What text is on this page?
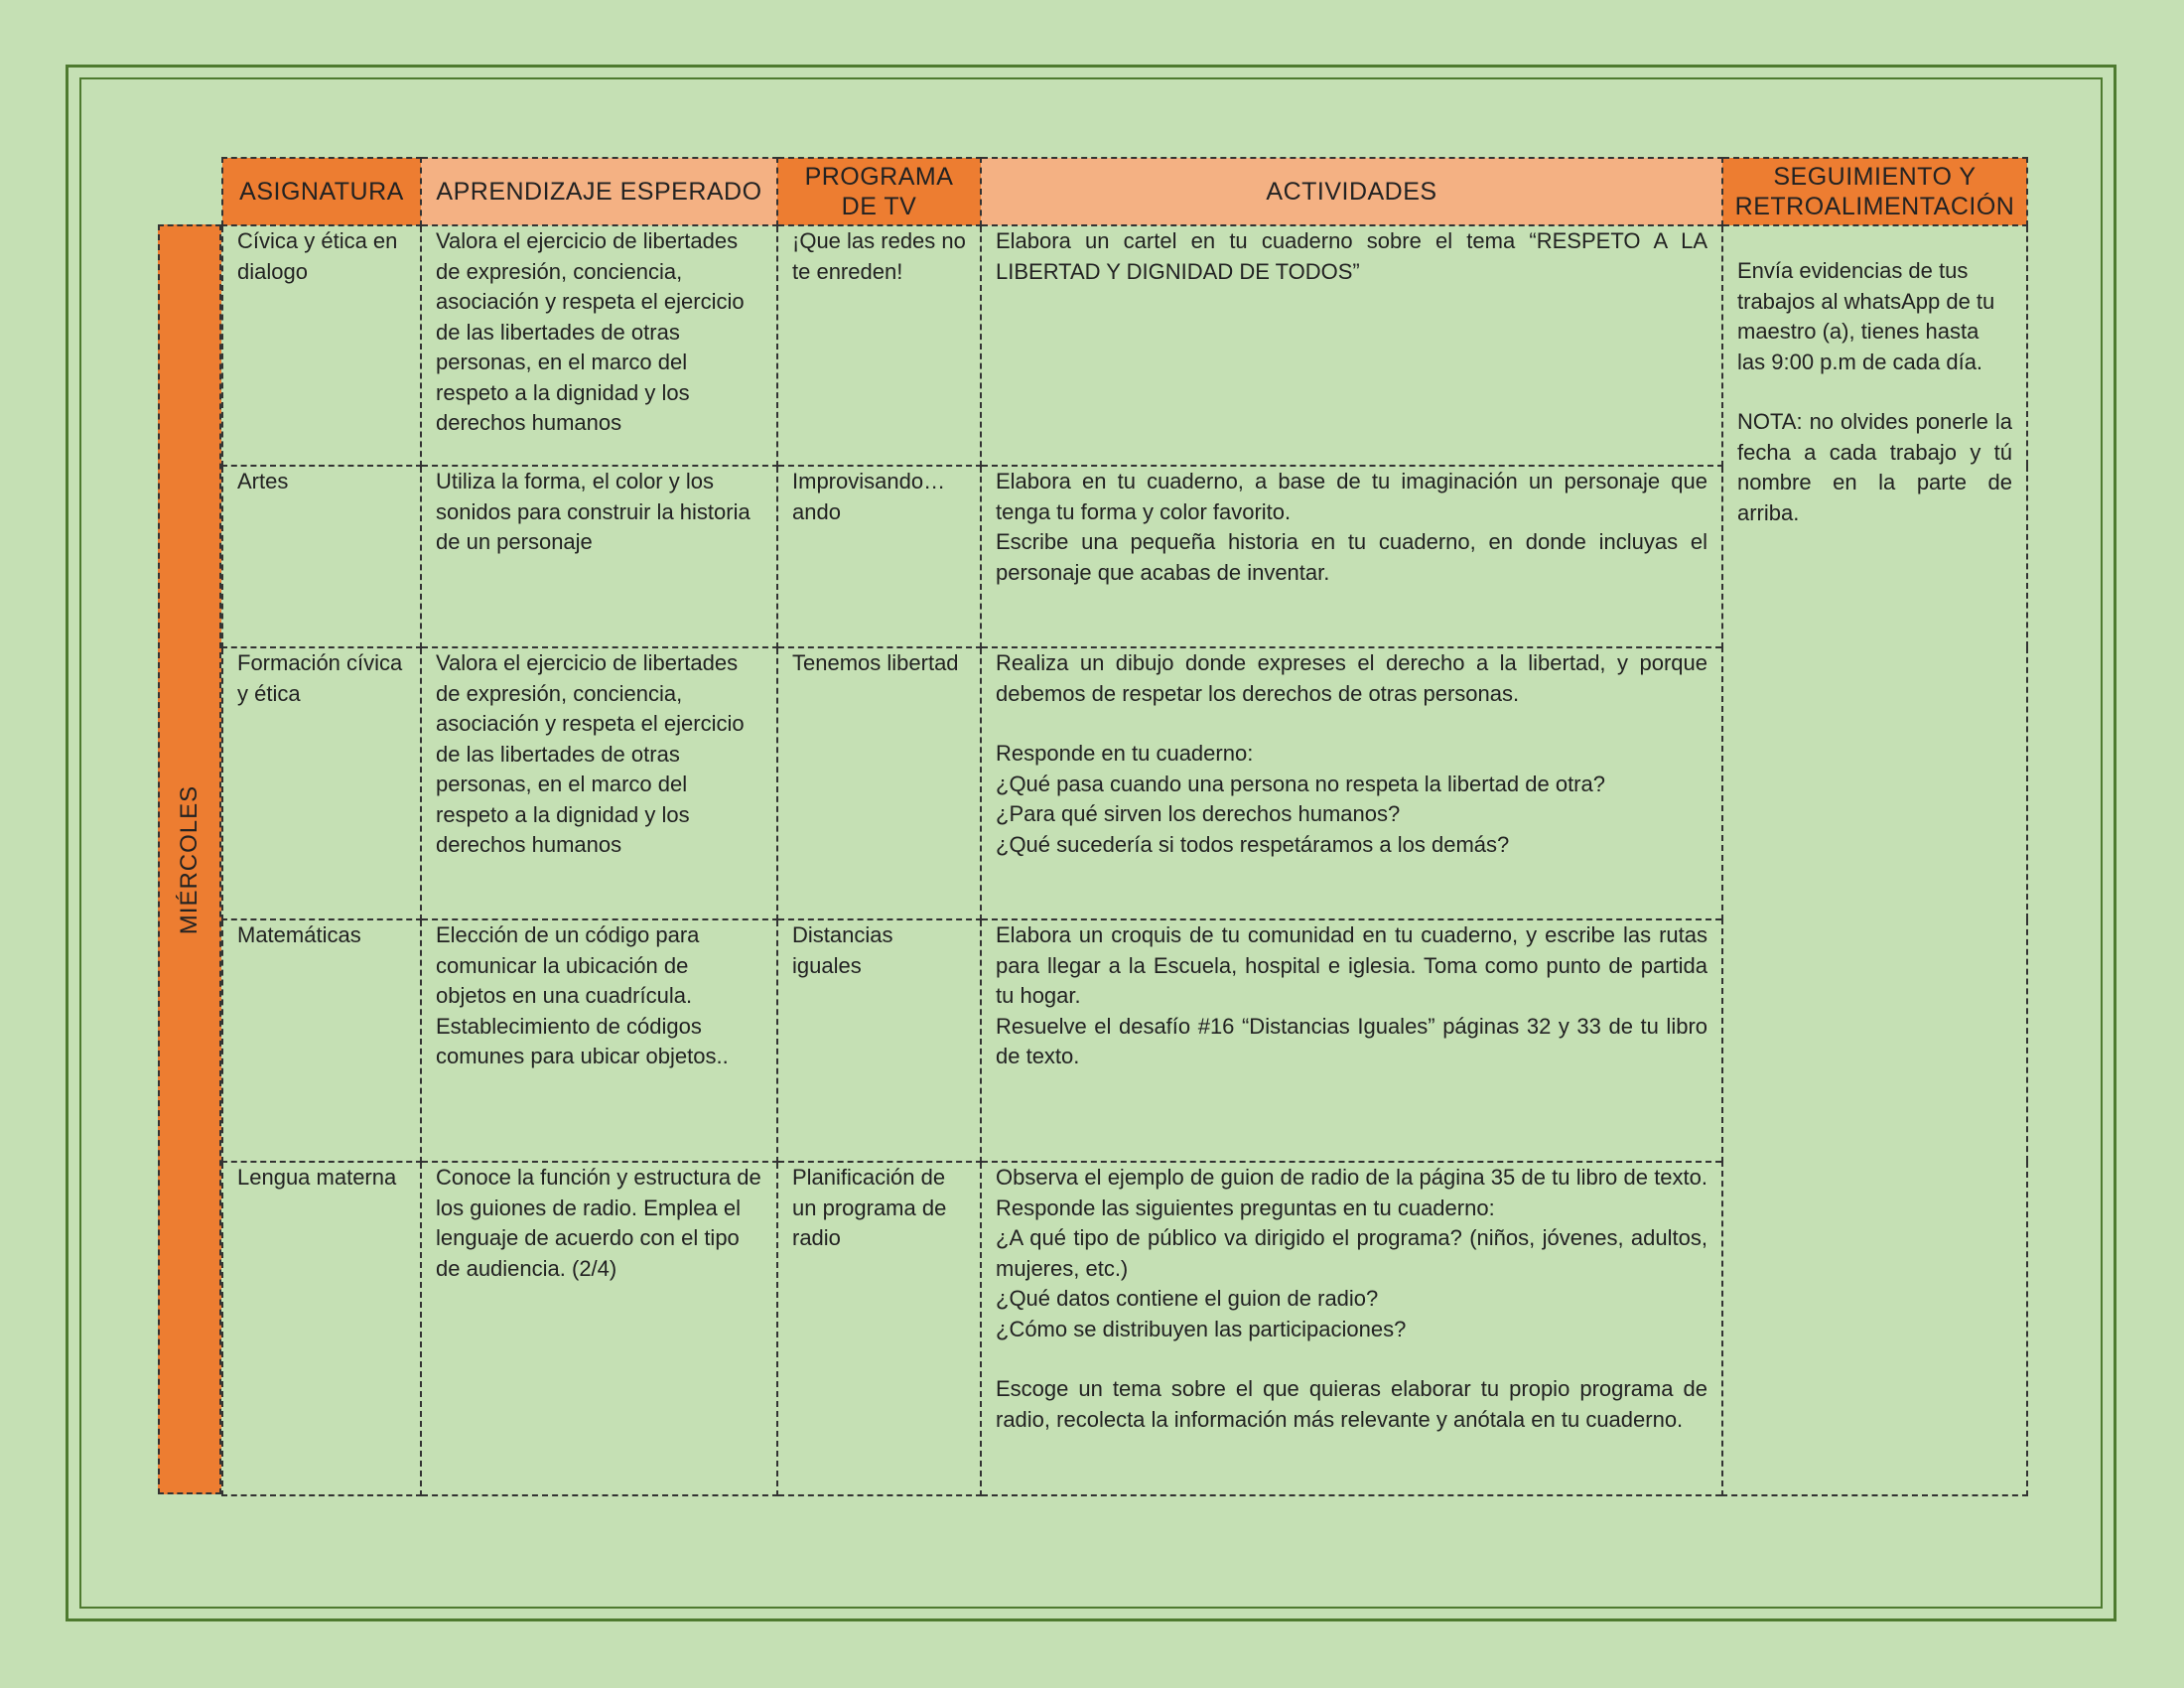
MIÉRCOLES
ASIGNATURA	APRENDIZAJE ESPERADO	PROGRAMA DE TV	ACTIVIDADES	SEGUIMIENTO Y RETROALIMENTACIÓN
Cívica y ética en dialogo	Valora el ejercicio de libertades de expresión, conciencia, asociación y respeta el ejercicio de las libertades de otras personas, en el marco del respeto a la dignidad y los derechos humanos	¡Que las redes no te enreden!	Elabora un cartel en tu cuaderno sobre el tema “RESPETO A LA LIBERTAD Y DIGNIDAD DE TODOS”	Envía evidencias de tus trabajos al whatsApp de tu maestro (a), tienes hasta las 9:00 p.m de cada día.
NOTA: no olvides ponerle la fecha a cada trabajo y tú nombre en la parte de arriba.

Artes	Utiliza la forma, el color y los sonidos para construir la historia de un personaje	Improvisando… ando	Elabora en tu cuaderno, a base de tu imaginación un personaje que tenga tu forma y color favorito.
Escribe una pequeña historia en tu cuaderno, en donde incluyas el personaje que acabas de inventar.	

Formación cívica y ética	Valora el ejercicio de libertades de expresión, conciencia, asociación y respeta el ejercicio de las libertades de otras personas, en el marco del respeto a la dignidad y los derechos humanos	Tenemos libertad	Realiza un dibujo donde expreses el derecho a la libertad, y porque debemos de respetar los derechos de otras personas.
Responde en tu cuaderno:
¿Qué pasa cuando una persona no respeta la libertad de otra?
¿Para qué sirven los derechos humanos?
¿Qué sucedería si todos respetáramos a los demás?	

Matemáticas	Elección de un código para comunicar la ubicación de objetos en una cuadrícula. Establecimiento de códigos comunes para ubicar objetos..	Distancias iguales	Elabora un croquis de tu comunidad en tu cuaderno, y escribe las rutas para llegar a la Escuela, hospital e iglesia. Toma como punto de partida tu hogar.
Resuelve el desafío #16 “Distancias Iguales” páginas 32 y 33 de tu libro de texto.	

Lengua materna	Conoce la función y estructura de los guiones de radio. Emplea el lenguaje de acuerdo con el tipo de audiencia. (2/4)	Planificación de un programa de radio	Observa el ejemplo de guion de radio de la página 35 de tu libro de texto. Responde las siguientes preguntas en tu cuaderno:
¿A qué tipo de público va dirigido el programa? (niños, jóvenes, adultos, mujeres, etc.)
¿Qué datos contiene el guion de radio?
¿Cómo se distribuyen las participaciones?
Escoge un tema sobre el que quieras elaborar tu propio programa de radio, recolecta la información más relevante y anótala en tu cuaderno.	
